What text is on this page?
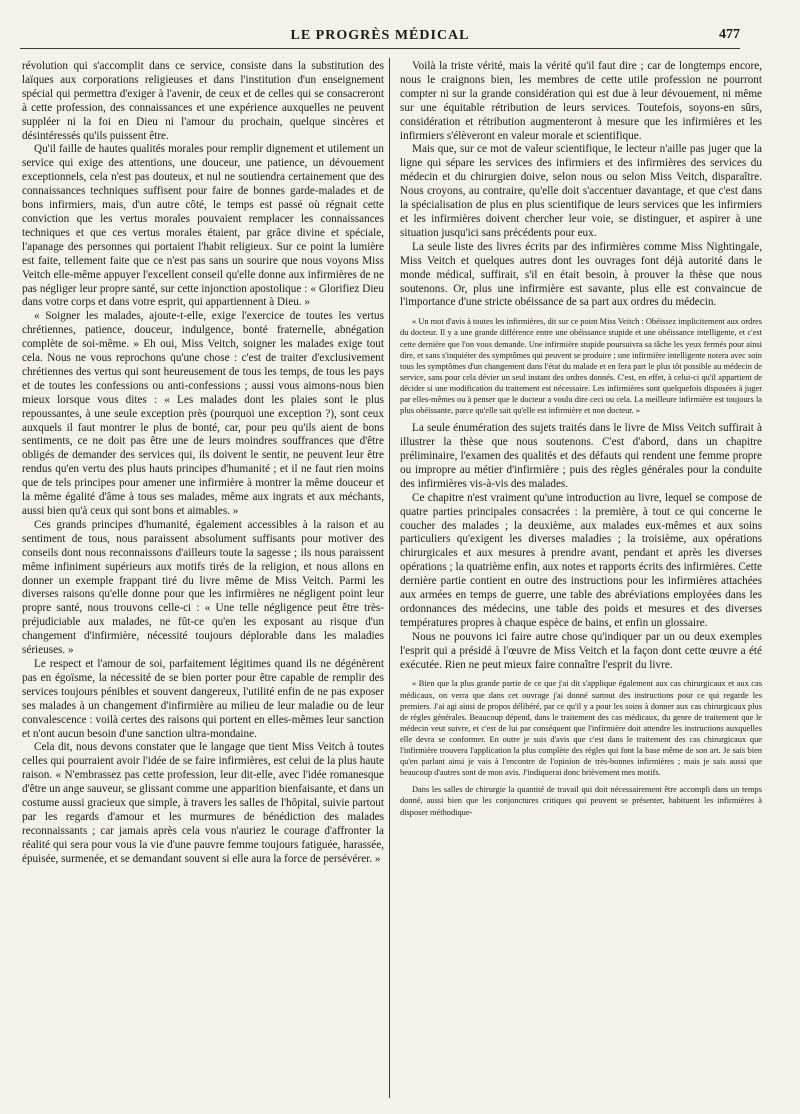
LE PROGRÈS MÉDICAL	477

révolution qui s'accomplit dans ce service, consiste dans la substitution des laïques aux corporations religieuses et dans l'institution d'un enseignement spécial qui permettra d'exiger à l'avenir, de ceux et de celles qui se consacreront à cette profession, des connaissances et une expérience auxquelles ne peuvent suppléer ni la foi en Dieu ni l'amour du prochain, quelque sincères et désintéressés qu'ils puissent être.

Qu'il faille de hautes qualités morales pour remplir dignement et utilement un service qui exige des attentions, une douceur, une patience, un dévouement exceptionnels, cela n'est pas douteux, et nul ne soutiendra certainement que des connaissances techniques suffisent pour faire de bonnes garde-malades et de bons infirmiers, mais, d'un autre côté, le temps est passé où régnait cette conviction que les vertus morales pouvaient remplacer les connaissances techniques et que ces vertus morales étaient, par grâce divine et spéciale, l'apanage des personnes qui portaient l'habit religieux. Sur ce point la lumière est faite, tellement faite que ce n'est pas sans un sourire que nous voyons Miss Veitch elle-même appuyer l'excellent conseil qu'elle donne aux infirmières de ne pas négliger leur propre santé, sur cette injonction apostolique : « Glorifiez Dieu dans votre corps et dans votre esprit, qui appartiennent à Dieu. »

« Soigner les malades, ajoute-t-elle, exige l'exercice de toutes les vertus chrétiennes, patience, douceur, indulgence, bonté fraternelle, abnégation complète de soi-même. » Eh oui, Miss Veitch, soigner les malades exige tout cela. Nous ne vous reprochons qu'une chose : c'est de traiter d'exclusivement chrétiennes des vertus qui sont heureusement de tous les temps, de tous les pays et de toutes les confessions ou anti-confessions ; aussi vous aimons-nous bien mieux lorsque vous dites : « Les malades dont les plaies sont le plus repoussantes, à une seule exception près (pourquoi une exception ?), sont ceux auxquels il faut montrer le plus de bonté, car, pour peu qu'ils aient de bons sentiments, ce ne doit pas être une de leurs moindres souffrances que d'être obligés de demander des services qui, ils doivent le sentir, ne peuvent leur être rendus qu'en vertu des plus hauts principes d'humanité ; et il ne faut rien moins que de tels principes pour amener une infirmière à montrer la même douceur et la même égalité d'âme à tous ses malades, même aux ingrats et aux méchants, aussi bien qu'à ceux qui sont bons et aimables. »

Ces grands principes d'humanité, également accessibles à la raison et au sentiment de tous, nous paraissent absolument suffisants pour motiver des conseils dont nous reconnaissons d'ailleurs toute la sagesse ; ils nous paraissent même infiniment supérieurs aux motifs tirés de la religion, et nous allons en donner un exemple frappant tiré du livre même de Miss Veitch. Parmi les diverses raisons qu'elle donne pour que les infirmières ne négligent point leur propre santé, nous trouvons celle-ci : « Une telle négligence peut être très-préjudiciable aux malades, ne fût-ce qu'en les exposant au risque d'un changement d'infirmière, nécessité toujours déplorable dans les maladies sérieuses. »

Le respect et l'amour de soi, parfaitement légitimes quand ils ne dégénèrent pas en égoïsme, la nécessité de se bien porter pour être capable de remplir des services toujours pénibles et souvent dangereux, l'utilité enfin de ne pas exposer ses malades à un changement d'infirmière au milieu de leur maladie ou de leur convalescence : voilà certes des raisons qui portent en elles-mêmes leur sanction et n'ont aucun besoin d'une sanction ultra-mondaine.

Cela dit, nous devons constater que le langage que tient Miss Veitch à toutes celles qui pourraient avoir l'idée de se faire infirmières, est celui de la plus haute raison. « N'embrassez pas cette profession, leur dit-elle, avec l'idée romanesque d'être un ange sauveur, se glissant comme une apparition bienfaisante, et dans un costume aussi gracieux que simple, à travers les salles de l'hôpital, suivie partout par les regards d'amour et les murmures de bénédiction des malades reconnaissants ; car jamais après cela vous n'auriez le courage d'affronter la réalité qui sera pour vous la vie d'une pauvre femme toujours fatiguée, harassée, épuisée, surmenée, et se demandant souvent si elle aura la force de persévérer. »

Voilà la triste vérité, mais la vérité qu'il faut dire ; car de longtemps encore, nous le craignons bien, les membres de cette utile profession ne pourront compter ni sur la grande considération qui est due à leur dévouement, ni même sur une équitable rétribution de leurs services. Toutefois, soyons-en sûrs, considération et rétribution augmenteront à mesure que les infirmières et les infirmiers s'élèveront en valeur morale et scientifique.

Mais que, sur ce mot de valeur scientifique, le lecteur n'aille pas juger que la ligne qui sépare les services des infirmiers et des infirmières des services du médecin et du chirurgien doive, selon nous ou selon Miss Veitch, disparaître. Nous croyons, au contraire, qu'elle doit s'accentuer davantage, et que c'est dans la spécialisation de plus en plus scientifique de leurs services que les infirmiers et les infirmières doivent chercher leur voie, se distinguer, et aspirer à une situation jusqu'ici sans précédents pour eux.

La seule liste des livres écrits par des infirmières comme Miss Nightingale, Miss Veitch et quelques autres dont les ouvrages font déjà autorité dans le monde médical, suffirait, s'il en était besoin, à prouver la thèse que nous soutenons. Or, plus une infirmière est savante, plus elle est convaincue de l'importance d'une stricte obéissance de sa part aux ordres du médecin.

« Un mot d'avis à toutes les infirmières, dit sur ce point Miss Veitch : Obéissez implicitement aux ordres du docteur. Il y a une grande différence entre une obéissance stupide et une obéissance intelligente, et c'est cette dernière que l'on vous demande. Une infirmière stupide poursuivra sa tâche les yeux fermés pour ainsi dire, et sans s'inquiéter des symptômes qui peuvent se produire ; une infirmière intelligente notera avec soin tous les symptômes d'un changement dans l'état du malade et en fera part le plus tôt possible au médecin de service, sans pour cela dévier un seul instant des ordres donnés. C'est, en effet, à celui-ci qu'il appartient de décider si une modification du traitement est nécessaire. Les infirmières sont quelquefois disposées à juger par elles-mêmes ou à penser que le docteur a voulu dire ceci ou cela. La meilleure infirmière est toujours la plus obéissante, parce qu'elle sait qu'elle est infirmière et non docteur. »

La seule énumération des sujets traités dans le livre de Miss Veitch suffirait à illustrer la thèse que nous soutenons. C'est d'abord, dans un chapitre préliminaire, l'examen des qualités et des défauts qui rendent une femme propre ou impropre au métier d'infirmière ; puis des règles générales pour la conduite des infirmières vis-à-vis des malades.

Ce chapitre n'est vraiment qu'une introduction au livre, lequel se compose de quatre parties principales consacrées : la première, à tout ce qui concerne le coucher des malades ; la deuxième, aux malades eux-mêmes et aux soins particuliers qu'exigent les diverses maladies ; la troisième, aux opérations chirurgicales et aux mesures à prendre avant, pendant et après les diverses opérations ; la quatrième enfin, aux notes et rapports écrits des infirmières. Cette dernière partie contient en outre des instructions pour les infirmières attachées aux armées en temps de guerre, une table des abréviations employées dans les ordonnances des médecins, une table des poids et mesures et des diverses températures propres à chaque espèce de bains, et enfin un glossaire.

Nous ne pouvons ici faire autre chose qu'indiquer par un ou deux exemples l'esprit qui a présidé à l'œuvre de Miss Veitch et la façon dont cette œuvre a été exécutée. Rien ne peut mieux faire connaître l'esprit du livre.

« Bien que la plus grande partie de ce que j'ai dit s'applique également aux cas chirurgicaux et aux cas médicaux, on verra que dans cet ouvrage j'ai donné surtout des instructions pour ce qui regarde les premiers. J'ai agi ainsi de propos délibéré, par ce qu'il y a pour les soins à donner aux cas chirurgicaux plus de règles générales. Beaucoup dépend, dans le traitement des cas médicaux, du genre de traitement que le médecin veut suivre, et c'est de lui par conséquent que l'infirmière doit attendre les instructions auxquelles elle devra se conformer. En outre je suis d'avis que c'est dans le traitement des cas chirurgicaux que l'infirmière trouvera l'application la plus complète des règles qui font la base même de son art. Je sais bien qu'en parlant ainsi je vais à l'encontre de l'opinion de très-bonnes infirmières ; mais je sais aussi que beaucoup d'autres sont de mon avis. J'indiquerai donc brièvement mes motifs.

Dans les salles de chirurgie la quantité de travail qui doit nécessairement être accompli dans un temps donné, aussi bien que les conjonctures critiques qui peuvent se présenter, habituent les infirmières à disposer méthodique-
